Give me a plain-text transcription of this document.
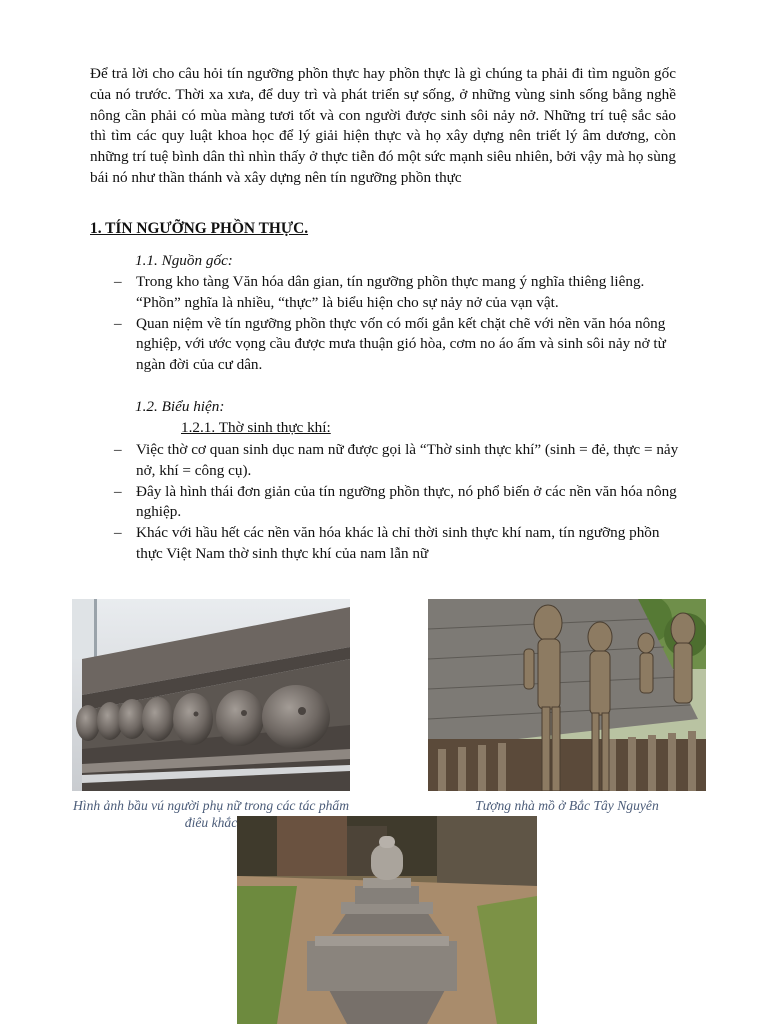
Để trả lời cho câu hỏi tín ngưỡng phồn thực hay phồn thực là gì chúng ta phải đi tìm nguồn gốc của nó trước. Thời xa xưa, để duy trì và phát triển sự sống, ở những vùng sinh sống bằng nghề nông cần phải có mùa màng tươi tốt và con người được sinh sôi nảy nở. Những trí tuệ sắc sảo thì tìm các quy luật khoa học để lý giải hiện thực và họ xây dựng nên triết lý âm dương, còn những trí tuệ bình dân thì nhìn thấy ở thực tiễn đó một sức mạnh siêu nhiên, bởi vậy mà họ sùng bái nó như thần thánh và xây dựng nên tín ngưỡng phồn thực

1. TÍN NGƯỠNG PHỒN THỰC.

1.1. Nguồn gốc:

– Trong kho tàng Văn hóa dân gian, tín ngưỡng phồn thực mang ý nghĩa thiêng liêng. “Phồn” nghĩa là nhiều, “thực” là biểu hiện cho sự nảy nở của vạn vật.
– Quan niệm về tín ngưỡng phồn thực vốn có mối gắn kết chặt chẽ với nền văn hóa nông nghiệp, với ước vọng cầu được mưa thuận gió hòa, cơm no áo ấm và sinh sôi nảy nở từ ngàn đời của cư dân.

1.2. Biểu hiện:

1.2.1. Thờ sinh thực khí:

– Việc thờ cơ quan sinh dục nam nữ được gọi là “Thờ sinh thực khí” (sinh = đẻ, thực = nảy nở, khí = công cụ).
– Đây là hình thái đơn giản của tín ngưỡng phồn thực, nó phổ biến ở các nền văn hóa nông nghiệp.
– Khác với hầu hết các nền văn hóa khác là chỉ thời sinh thực khí nam, tín ngưỡng phồn thực Việt Nam thờ sinh thực khí của nam lẫn nữ

Hình ảnh bầu vú người phụ nữ trong các tác phẩm điêu khắc

Tượng nhà mồ ở Bắc Tây Nguyên
